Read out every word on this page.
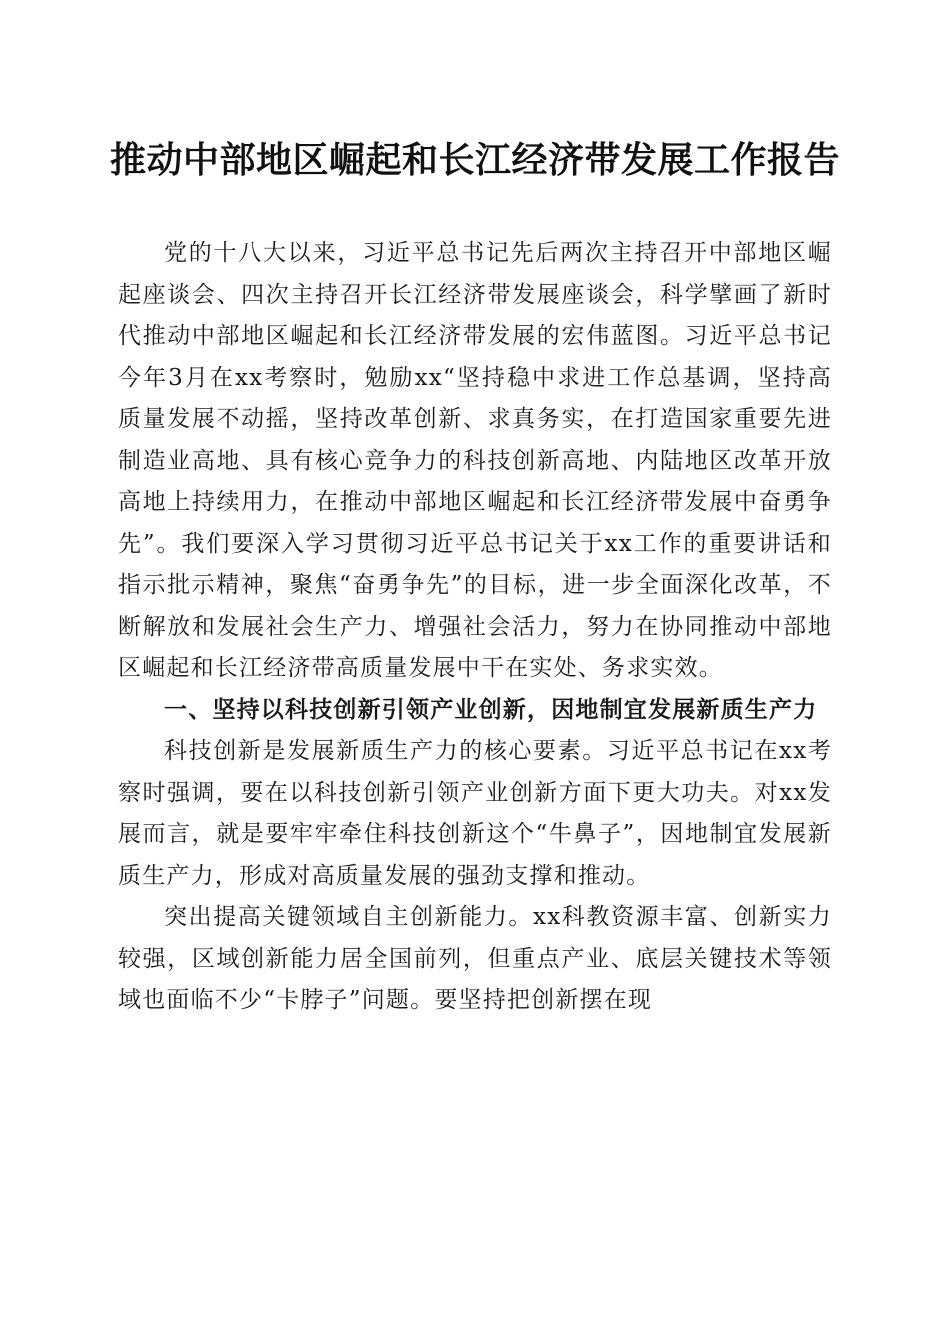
推动中部地区崛起和长江经济带发展工作报告

党的十八大以来，习近平总书记先后两次主持召开中部地区崛起座谈会、四次主持召开长江经济带发展座谈会，科学擘画了新时代推动中部地区崛起和长江经济带发展的宏伟蓝图。习近平总书记今年3月在xx考察时，勉励xx“坚持稳中求进工作总基调，坚持高质量发展不动摇，坚持改革创新、求真务实，在打造国家重要先进制造业高地、具有核心竞争力的科技创新高地、内陆地区改革开放高地上持续用力，在推动中部地区崛起和长江经济带发展中奋勇争先”。我们要深入学习贯彻习近平总书记关于xx工作的重要讲话和指示批示精神，聚焦“奋勇争先”的目标，进一步全面深化改革，不断解放和发展社会生产力、增强社会活力，努力在协同推动中部地区崛起和长江经济带高质量发展中干在实处、务求实效。

一、坚持以科技创新引领产业创新，因地制宜发展新质生产力

科技创新是发展新质生产力的核心要素。习近平总书记在xx考察时强调，要在以科技创新引领产业创新方面下更大功夫。对xx发展而言，就是要牢牢牵住科技创新这个“牛鼻子”，因地制宜发展新质生产力，形成对高质量发展的强劲支撑和推动。

突出提高关键领域自主创新能力。xx科教资源丰富、创新实力较强，区域创新能力居全国前列，但重点产业、底层关键技术等领域也面临不少“卡脖子”问题。要坚持把创新摆在现
